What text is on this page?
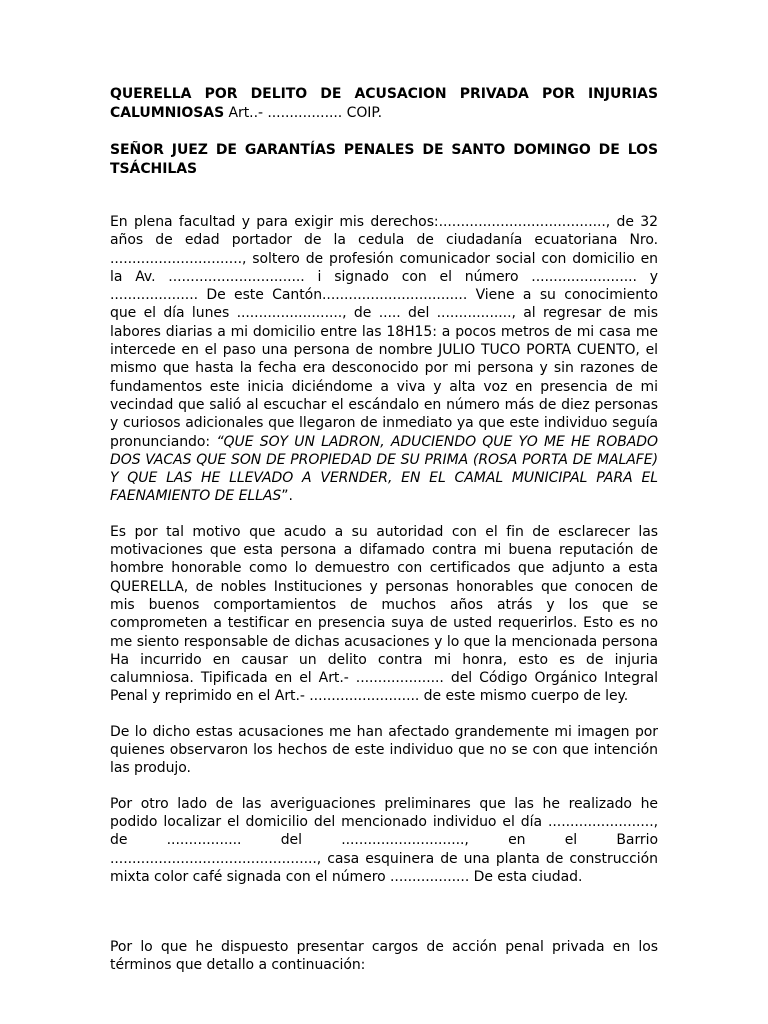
QUERELLA POR DELITO DE ACUSACION PRIVADA POR INJURIAS CALUMNIOSAS Art..- ................. COIP.

SEÑOR JUEZ DE GARANTÍAS PENALES DE SANTO DOMINGO DE LOS TSÁCHILAS

En plena facultad y para exigir mis derechos:......................................, de 32 años de edad portador de la cedula de ciudadanía ecuatoriana Nro. .............................., soltero de profesión comunicador social con domicilio en la Av. ............................... i signado con el número ........................ y .................... De este Cantón................................. Viene a su conocimiento que el día lunes ........................, de ..... del ................., al regresar de mis labores diarias a mi domicilio entre las 18H15: a pocos metros de mi casa me intercede en el paso una persona de nombre JULIO TUCO PORTA CUENTO, el mismo que hasta la fecha era desconocido por mi persona y sin razones de fundamentos este inicia diciéndome a viva y alta voz en presencia de mi vecindad que salió al escuchar el escándalo en número más de diez personas y curiosos adicionales que llegaron de inmediato ya que este individuo seguía pronunciando: “QUE SOY UN LADRON, ADUCIENDO QUE YO ME HE ROBADO DOS VACAS QUE SON DE PROPIEDAD DE SU PRIMA (ROSA PORTA DE MALAFE) Y QUE LAS HE LLEVADO A VERNDER, EN EL CAMAL MUNICIPAL PARA EL FAENAMIENTO DE ELLAS”.

Es por tal motivo que acudo a su autoridad con el fin de esclarecer las motivaciones que esta persona a difamado contra mi buena reputación de hombre honorable como lo demuestro con certificados que adjunto a esta QUERELLA, de nobles Instituciones y personas honorables que conocen de mis buenos comportamientos de muchos años atrás y los que se comprometen a testificar en presencia suya de usted requerirlos. Esto es no me siento responsable de dichas acusaciones y lo que la mencionada persona Ha incurrido en causar un delito contra mi honra, esto es de injuria calumniosa. Tipificada en el Art.- .................... del Código Orgánico Integral Penal y reprimido en el Art.- ......................... de este mismo cuerpo de ley.

De lo dicho estas acusaciones me han afectado grandemente mi imagen por quienes observaron los hechos de este individuo que no se con que intención las produjo.

Por otro lado de las averiguaciones preliminares que las he realizado he podido localizar el domicilio del mencionado individuo el día ........................, de ................. del ............................, en el Barrio ..............................................., casa esquinera de una planta de construcción mixta color café signada con el número .................. De esta ciudad.

Por lo que he dispuesto presentar cargos de acción penal privada en los términos que detallo a continuación:
